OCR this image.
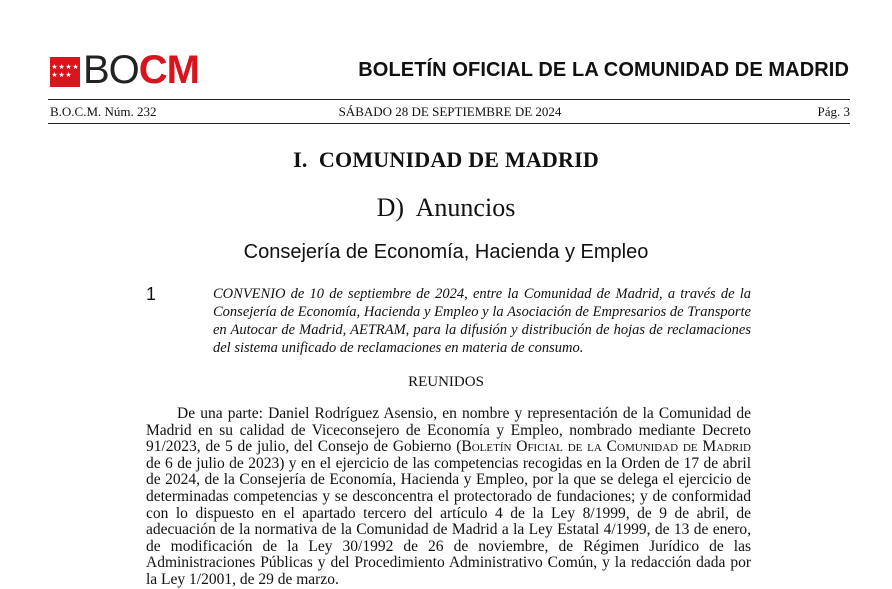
★ ★ ★ ★
★ ★ ★ BOCM	BOLETÍN OFICIAL DE LA COMUNIDAD DE MADRID
B.O.C.M. Núm. 232	SÁBADO 28 DE SEPTIEMBRE DE 2024	Pág. 3
I.  COMUNIDAD DE MADRID
D)  Anuncios
Consejería de Economía, Hacienda y Empleo
1	CONVENIO de 10 de septiembre de 2024, entre la Comunidad de Madrid, a través de la Consejería de Economía, Hacienda y Empleo y la Asociación de Empresarios de Transporte en Autocar de Madrid, AETRAM, para la difusión y distribución de hojas de reclamaciones del sistema unificado de reclamaciones en materia de consumo.

REUNIDOS

De una parte: Daniel Rodríguez Asensio, en nombre y representación de la Comunidad de Madrid en su calidad de Viceconsejero de Economía y Empleo, nombrado mediante Decreto 91/2023, de 5 de julio, del Consejo de Gobierno (Boletín Oficial de la Comunidad de Madrid de 6 de julio de 2023) y en el ejercicio de las competencias recogidas en la Orden de 17 de abril de 2024, de la Consejería de Economía, Hacienda y Empleo, por la que se delega el ejercicio de determinadas competencias y se desconcentra el protectorado de fundaciones; y de conformidad con lo dispuesto en el apartado tercero del artículo 4 de la Ley 8/1999, de 9 de abril, de adecuación de la normativa de la Comunidad de Madrid a la Ley Estatal 4/1999, de 13 de enero, de modificación de la Ley 30/1992 de 26 de noviembre, de Régimen Jurídico de las Administraciones Públicas y del Procedimiento Administrativo Común, y la redacción dada por la Ley 1/2001, de 29 de marzo.
